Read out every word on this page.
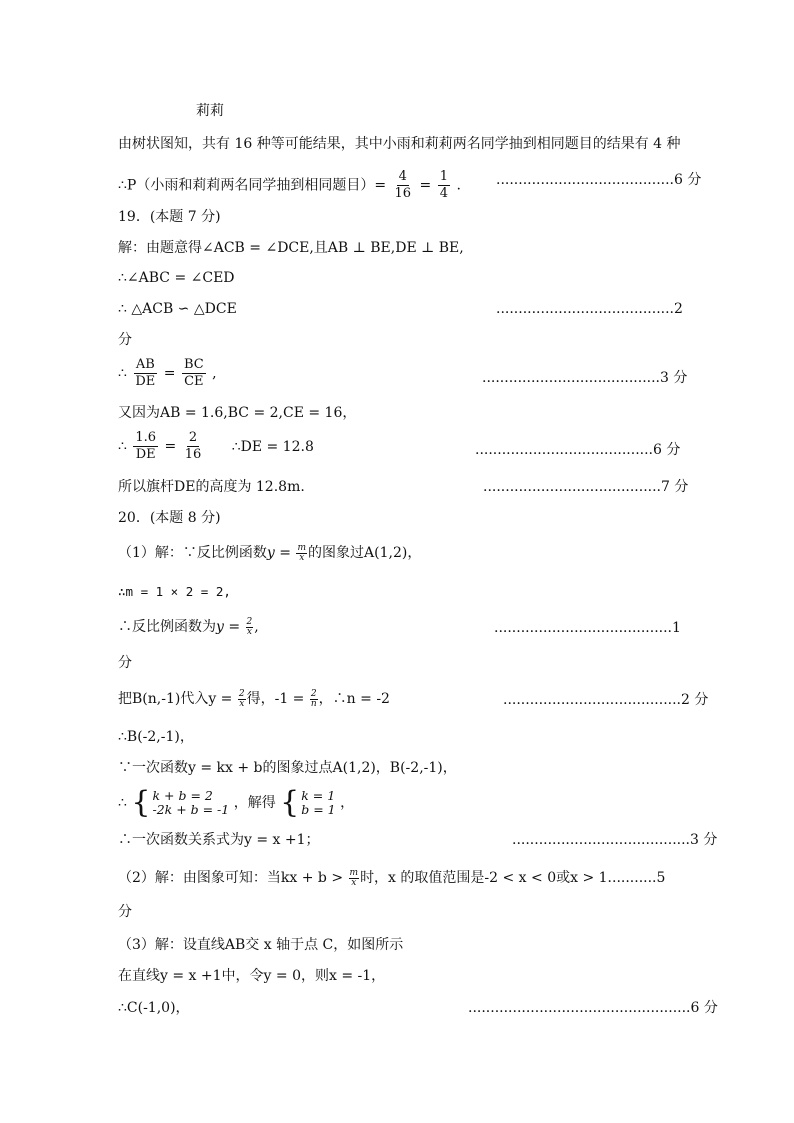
莉莉
由树状图知，共有 16 种等可能结果，其中小雨和莉莉两名同学抽到相同题目的结果有 4 种
∴P（小雨和莉莉两名同学抽到相同题目）= $\frac{4}{16} = \frac{1}{4}$ .	........................................6 分
19．(本题 7 分)
解：由题意得∠ACB = ∠DCE,且AB ⊥ BE,DE ⊥ BE,
∴∠ABC = ∠CED
∴ △ACB ∽ △DCE	........................................2
分
∴ $\frac{AB}{DE} = \frac{BC}{CE}$ ,	........................................3 分
又因为AB = 1.6,BC = 2,CE = 16，
∴ $\frac{1.6}{DE} = \frac{2}{16}$ ∴DE = 12.8	........................................6 分
所以旗杆DE的高度为 12.8m.	........................................7 分
20．(本题 8 分)
（1）解：∵反比例函数$y = \frac{m}{x}$ 的图象过A(1,2)，
∴m = 1 × 2 = 2,
∴反比例函数为$y = \frac{2}{x}$ ,	........................................1
分
把B(n,-1)代入$y = \frac{2}{x}$ 得，$-1 = \frac{2}{n}$ ，∴n = -2	........................................2 分
∴B(-2,-1)，
∵一次函数y = kx + b的图象过点A(1,2)，B(-2,-1)，
∴ { k + b = 2
-2k + b = -1 ，解得 { k = 1
b = 1 ，
∴一次函数关系式为y = x +1；	........................................3 分
（2）解：由图象可知：当kx + $b > \frac{m}{x}$ 时，x 的取值范围是-2 < x < 0或x > 1．
..........5
分
（3）解：设直线AB交 x 轴于点 C，如图所示
在直线y = x +1中，令y = 0，则x = -1，
∴C(-1,0)，	..................................................6 分
